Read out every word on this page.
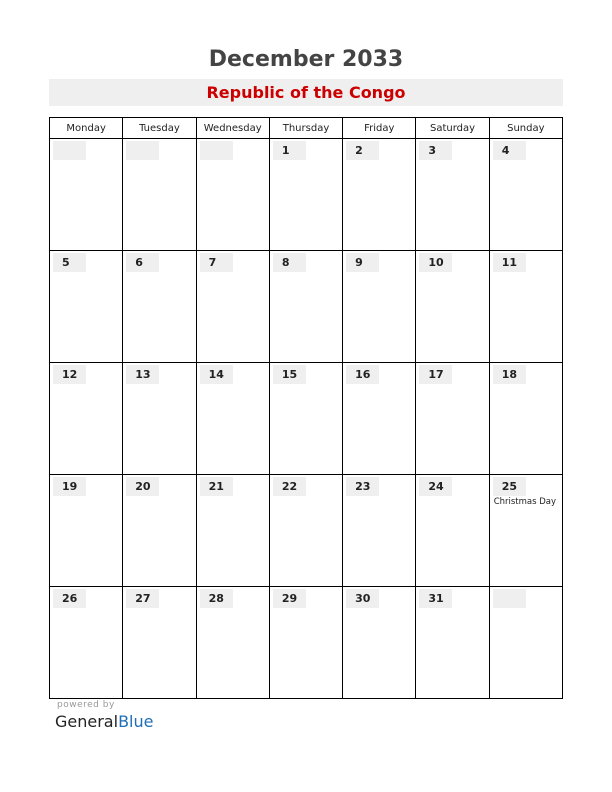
December 2033
Republic of the Congo
Monday	Tuesday	Wednesday	Thursday	Friday	Saturday	Sunday

			1	2	3	4

5	6	7	8	9	10	11

12	13	14	15	16	17	18

19	20	21	22	23	24	25
Christmas Day

26	27	28	29	30	31	

powered by
GeneralBlue
